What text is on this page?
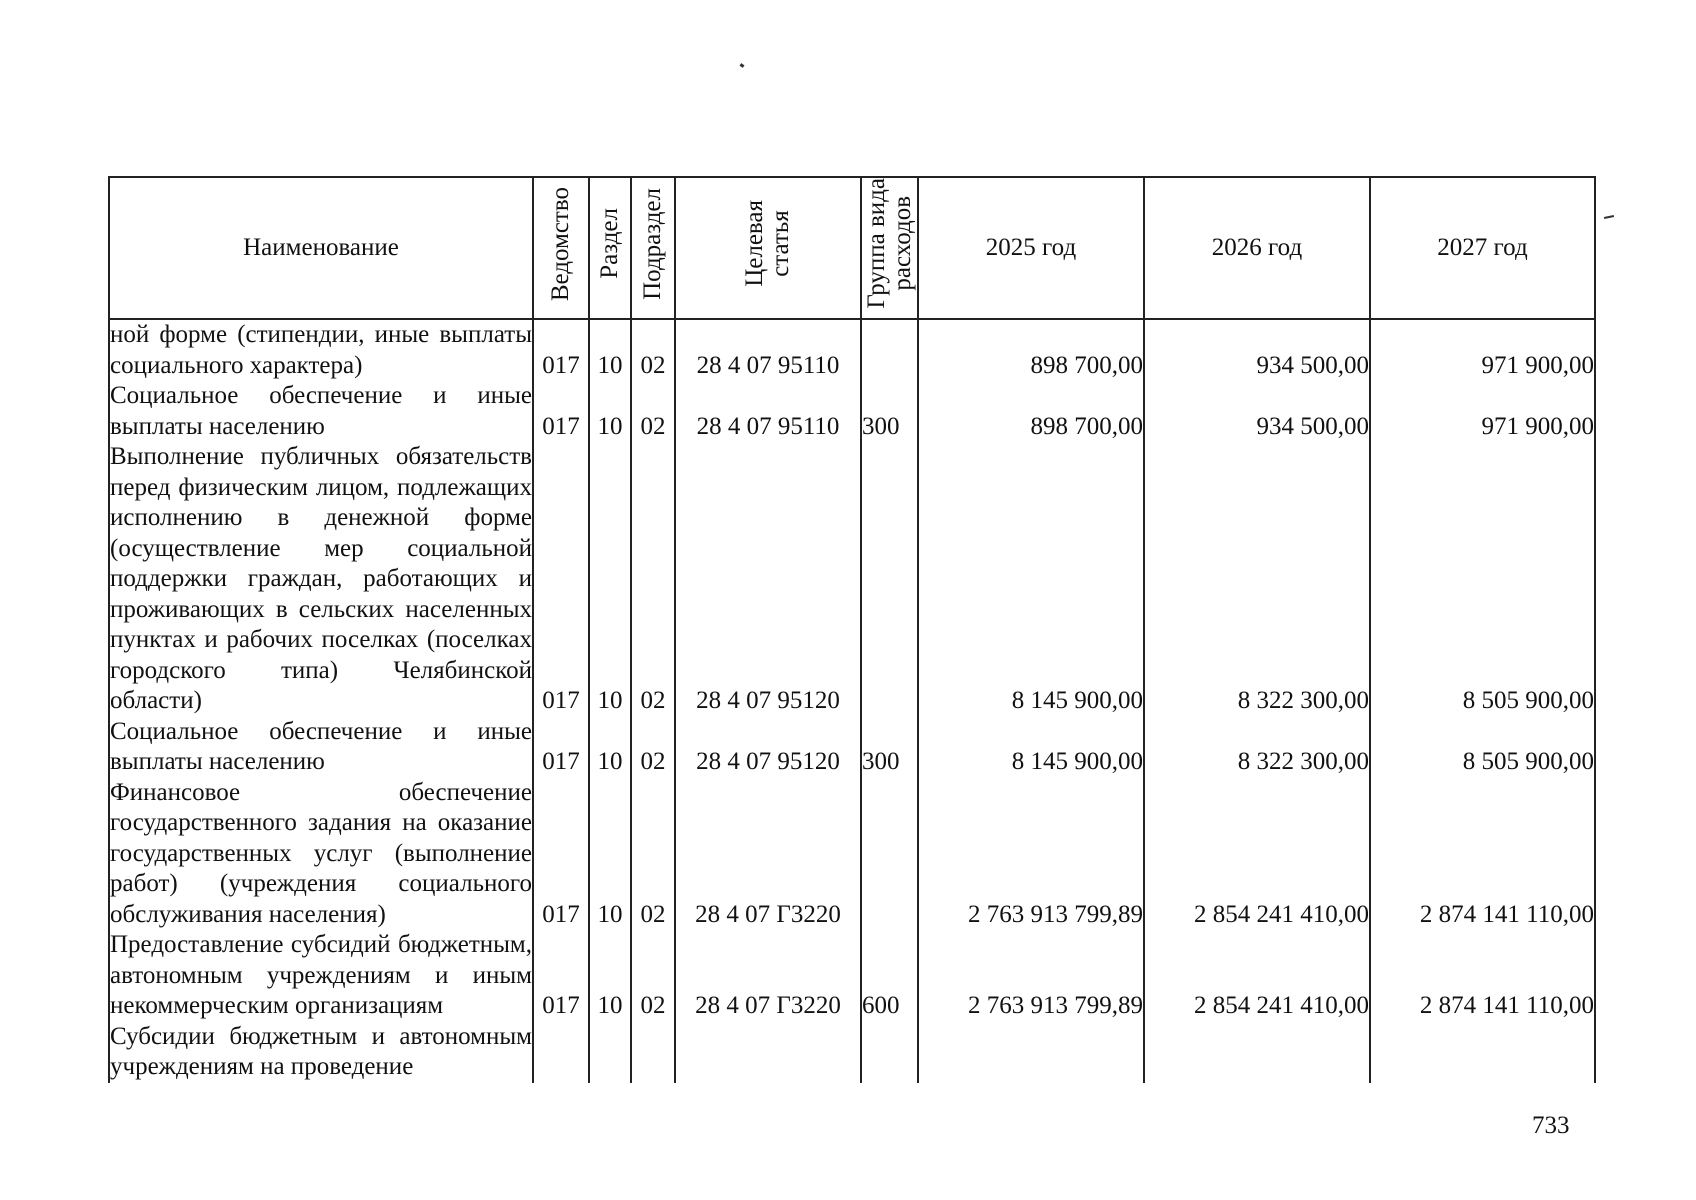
Наименование	Ведомство	Раздел	Подраздел	Целевая
статья	Группа вида
расходов	2025 год	2026 год	2027 год
ной форме (стипендии, иные выплаты социального характера)	017	10	02	28 4 07 95110		898 700,00	934 500,00	971 900,00
Социальное обеспечение и иные выплаты населению	017	10	02	28 4 07 95110	300	898 700,00	934 500,00	971 900,00
Выполнение публичных обязательств перед физическим лицом, подлежащих исполнению в денежной форме (осуществление мер социальной поддержки граждан, работающих и проживающих в сельских населенных пунктах и рабочих поселках (поселках городского типа) Челябинской области)	017	10	02	28 4 07 95120		8 145 900,00	8 322 300,00	8 505 900,00
Социальное обеспечение и иные выплаты населению	017	10	02	28 4 07 95120	300	8 145 900,00	8 322 300,00	8 505 900,00
Финансовое обеспечение государственного задания на оказание государственных услуг (выполнение работ) (учреждения социального обслуживания населения)	017	10	02	28 4 07 Г3220		2 763 913 799,89	2 854 241 410,00	2 874 141 110,00
Предоставление субсидий бюджетным, автономным учреждениям и иным некоммерческим организациям	017	10	02	28 4 07 Г3220	600	2 763 913 799,89	2 854 241 410,00	2 874 141 110,00
Субсидии бюджетным и автономным учреждениям на проведение								
733
